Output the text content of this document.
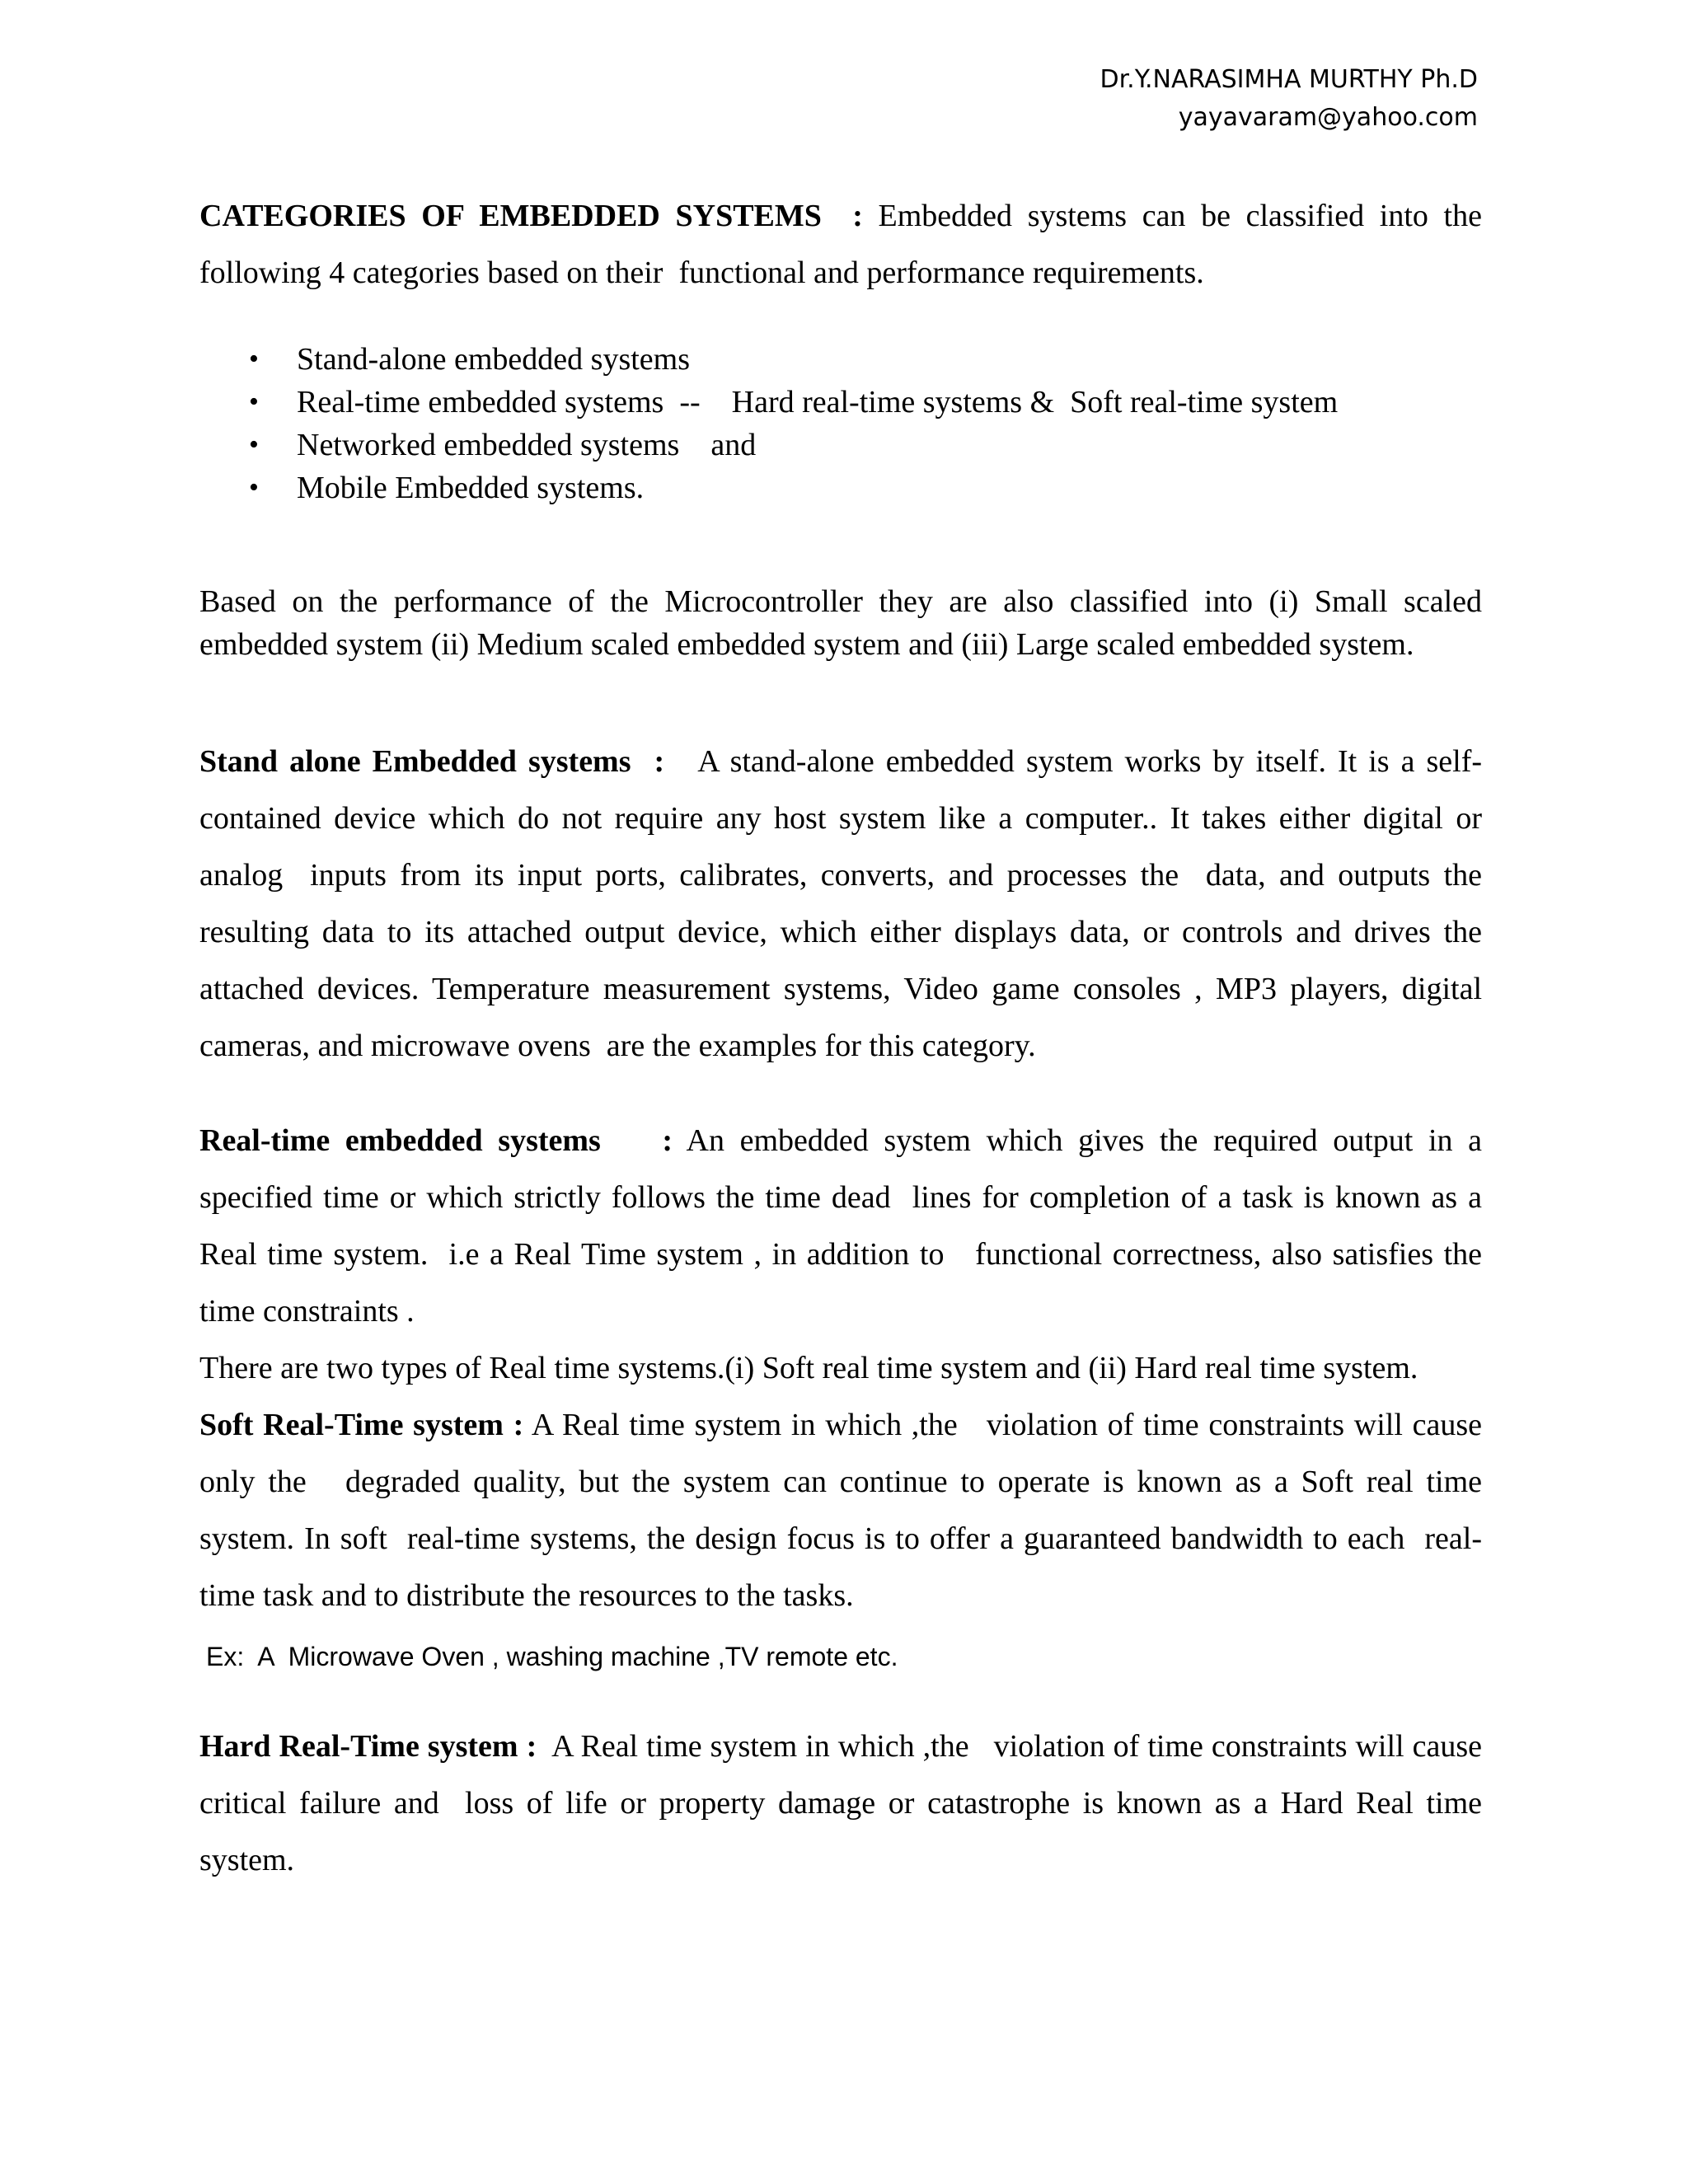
Dr.Y.NARASIMHA MURTHY Ph.D
yayavaram@yahoo.com
CATEGORIES OF EMBEDDED SYSTEMS  : Embedded systems can be classified into the following 4 categories based on their  functional and performance requirements.
• Stand-alone embedded systems
• Real-time embedded systems  --    Hard real-time systems &  Soft real-time system
• Networked embedded systems    and
• Mobile Embedded systems.
Based on the performance of the Microcontroller they are also classified into (i) Small scaled embedded system (ii) Medium scaled embedded system and (iii) Large scaled embedded system.
Stand alone Embedded systems  :   A stand-alone embedded system works by itself. It is a self-contained device which do not require any host system like a computer.. It takes either digital or analog  inputs from its input ports, calibrates, converts, and processes the  data, and outputs the resulting data to its attached output device, which either displays data, or controls and drives the attached devices. Temperature measurement systems, Video game consoles , MP3 players, digital cameras, and microwave ovens  are the examples for this category.
Real-time embedded systems    : An embedded system which gives the required output in a specified time or which strictly follows the time dead  lines for completion of a task is known as a Real time system.  i.e a Real Time system , in addition to   functional correctness, also satisfies the time constraints .
There are two types of Real time systems.(i) Soft real time system and (ii) Hard real time system.
Soft Real-Time system : A Real time system in which ,the   violation of time constraints will cause only the   degraded quality, but the system can continue to operate is known as a Soft real time system. In soft  real-time systems, the design focus is to offer a guaranteed bandwidth to each  real-time task and to distribute the resources to the tasks.
Ex:  A  Microwave Oven , washing machine ,TV remote etc.
Hard Real-Time system :  A Real time system in which ,the   violation of time constraints will cause critical failure and  loss of life or property damage or catastrophe is known as a Hard Real time system.
